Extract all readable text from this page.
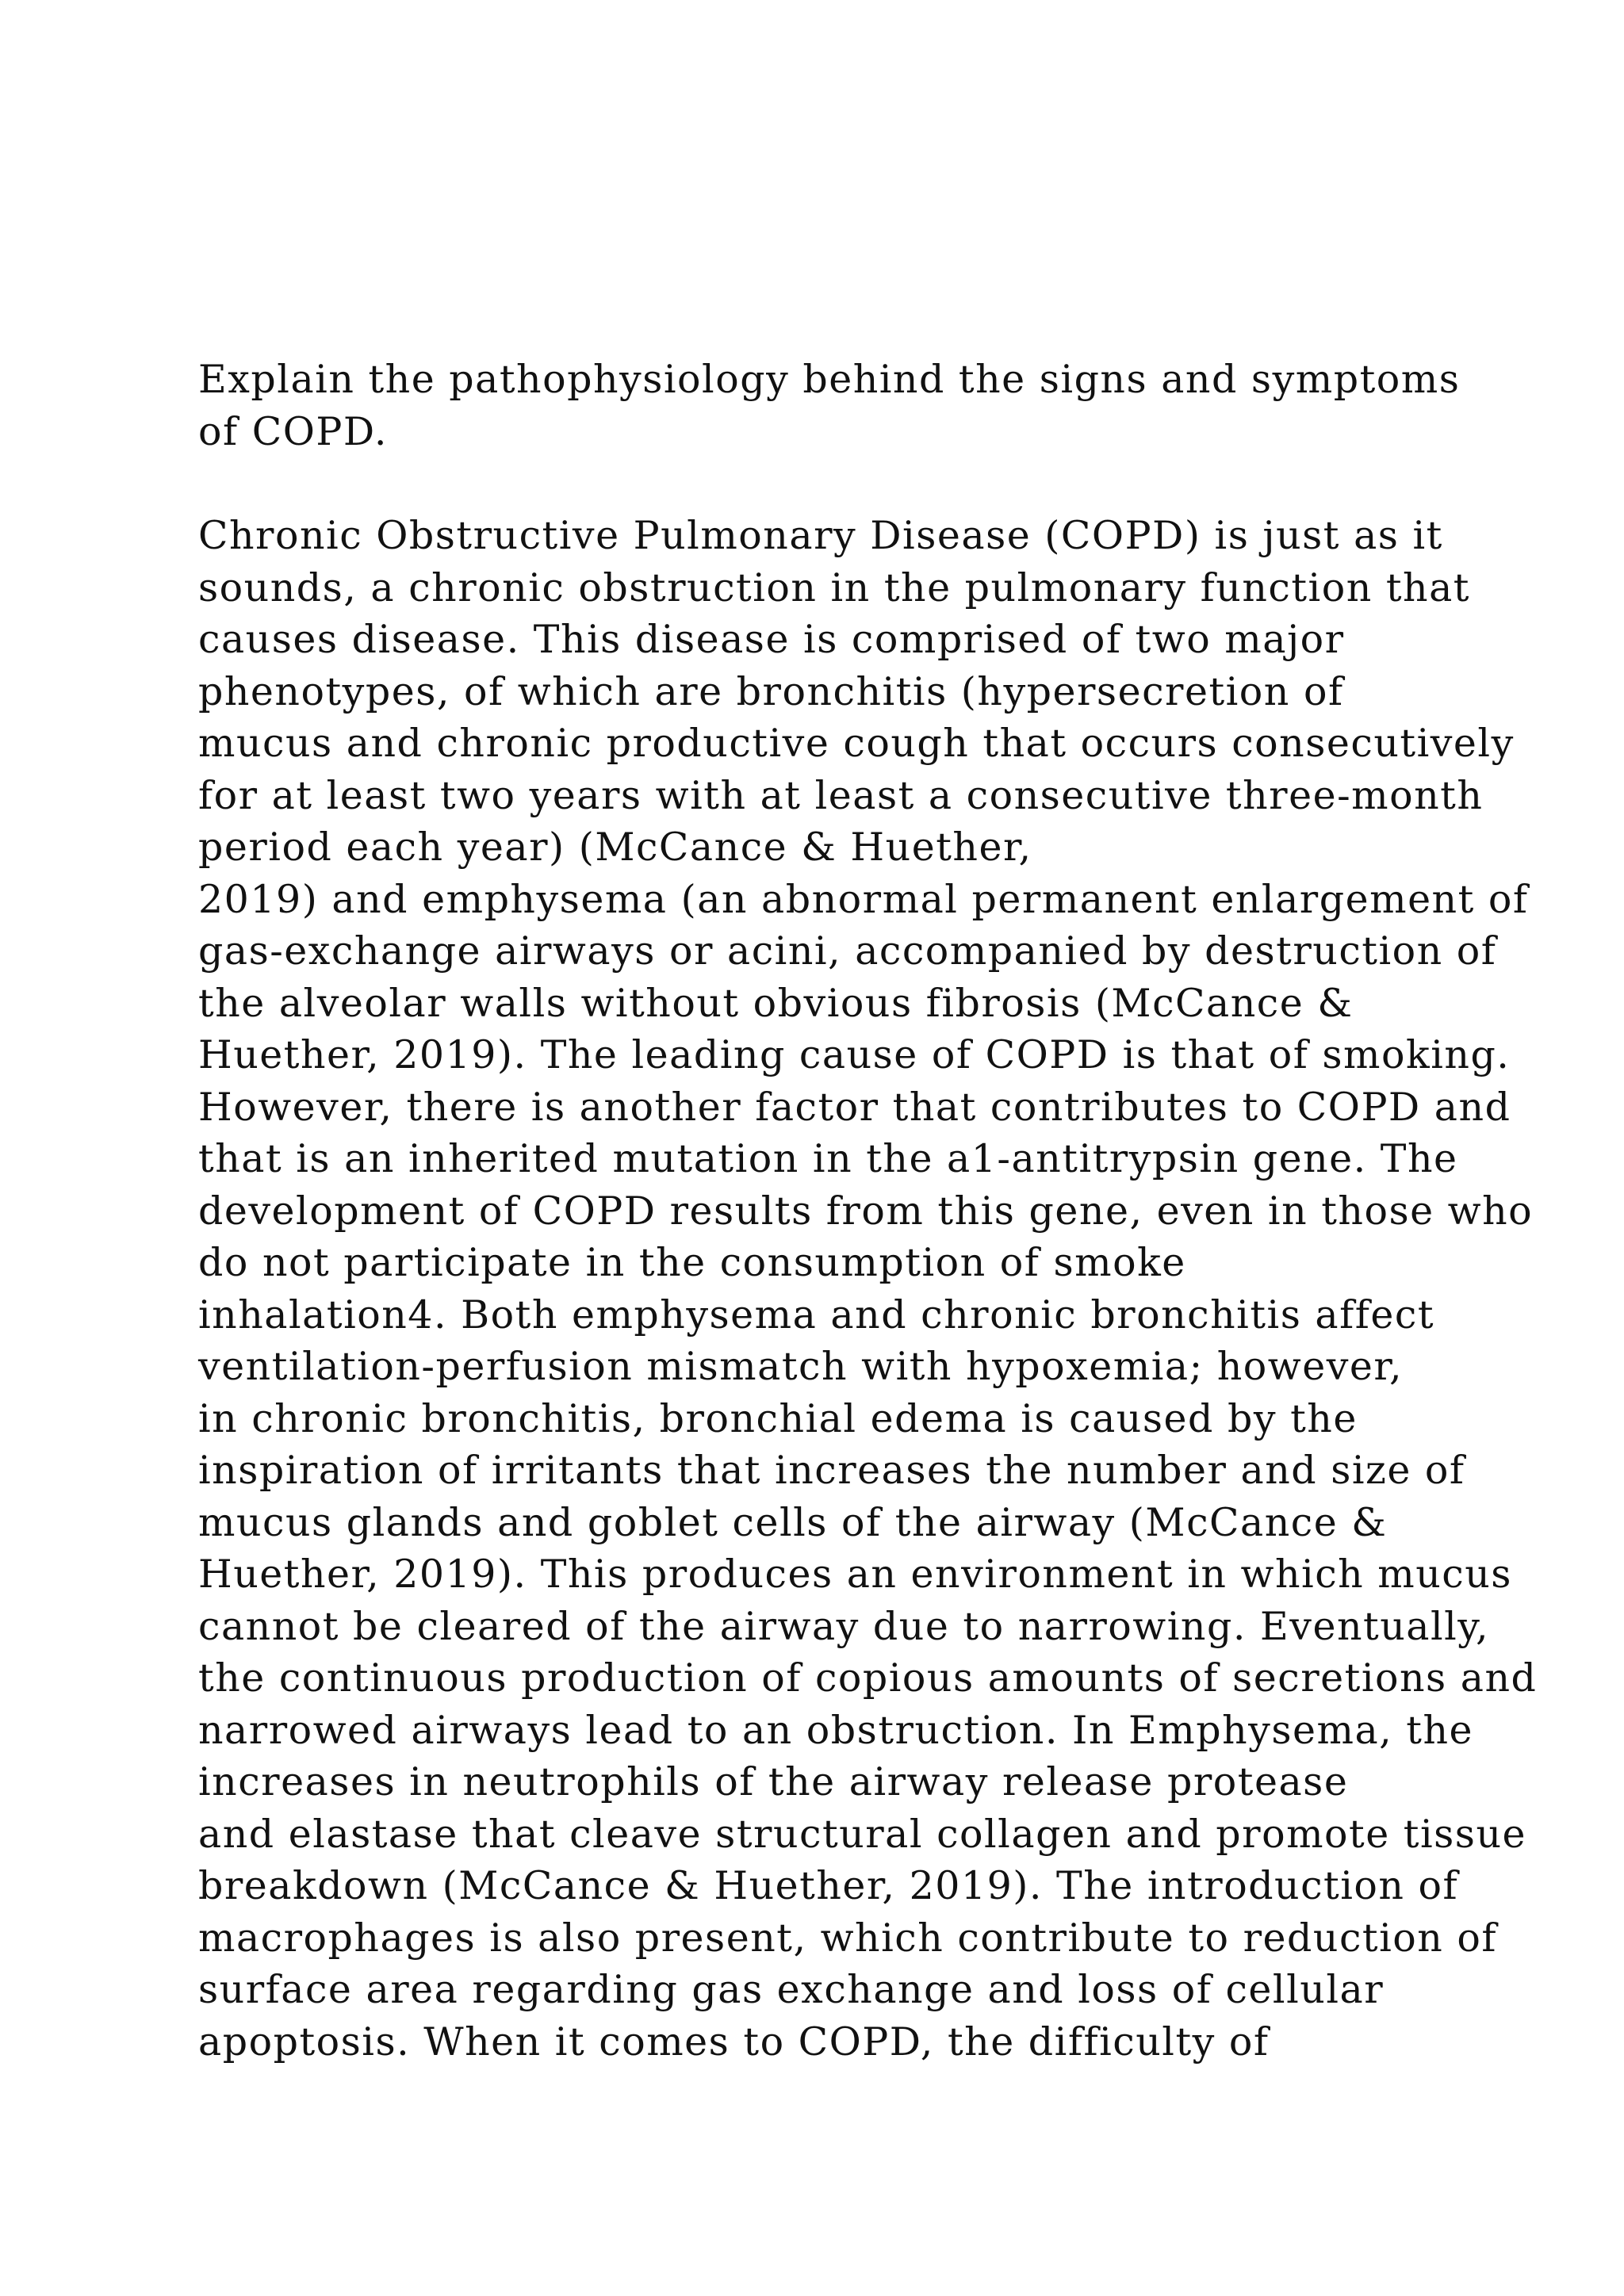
Explain the pathophysiology behind the signs and symptoms
of COPD.
Chronic Obstructive Pulmonary Disease (COPD) is just as it
sounds, a chronic obstruction in the pulmonary function that
causes disease. This disease is comprised of two major
phenotypes, of which are bronchitis (hypersecretion of
mucus and chronic productive cough that occurs consecutively
for at least two years with at least a consecutive three-month
period each year) (McCance & Huether,
2019) and emphysema (an abnormal permanent enlargement of
gas-exchange airways or acini, accompanied by destruction of
the alveolar walls without obvious fibrosis (McCance &
Huether, 2019). The leading cause of COPD is that of smoking.
However, there is another factor that contributes to COPD and
that is an inherited mutation in the a1-antitrypsin gene. The
development of COPD results from this gene, even in those who
do not participate in the consumption of smoke
inhalation4. Both emphysema and chronic bronchitis affect
ventilation-perfusion mismatch with hypoxemia; however,
in chronic bronchitis, bronchial edema is caused by the
inspiration of irritants that increases the number and size of
mucus glands and goblet cells of the airway (McCance &
Huether, 2019). This produces an environment in which mucus
cannot be cleared of the airway due to narrowing. Eventually,
the continuous production of copious amounts of secretions and
narrowed airways lead to an obstruction. In Emphysema, the
increases in neutrophils of the airway release protease
and elastase that cleave structural collagen and promote tissue
breakdown (McCance & Huether, 2019). The introduction of
macrophages is also present, which contribute to reduction of
surface area regarding gas exchange and loss of cellular
apoptosis. When it comes to COPD, the difficulty of
